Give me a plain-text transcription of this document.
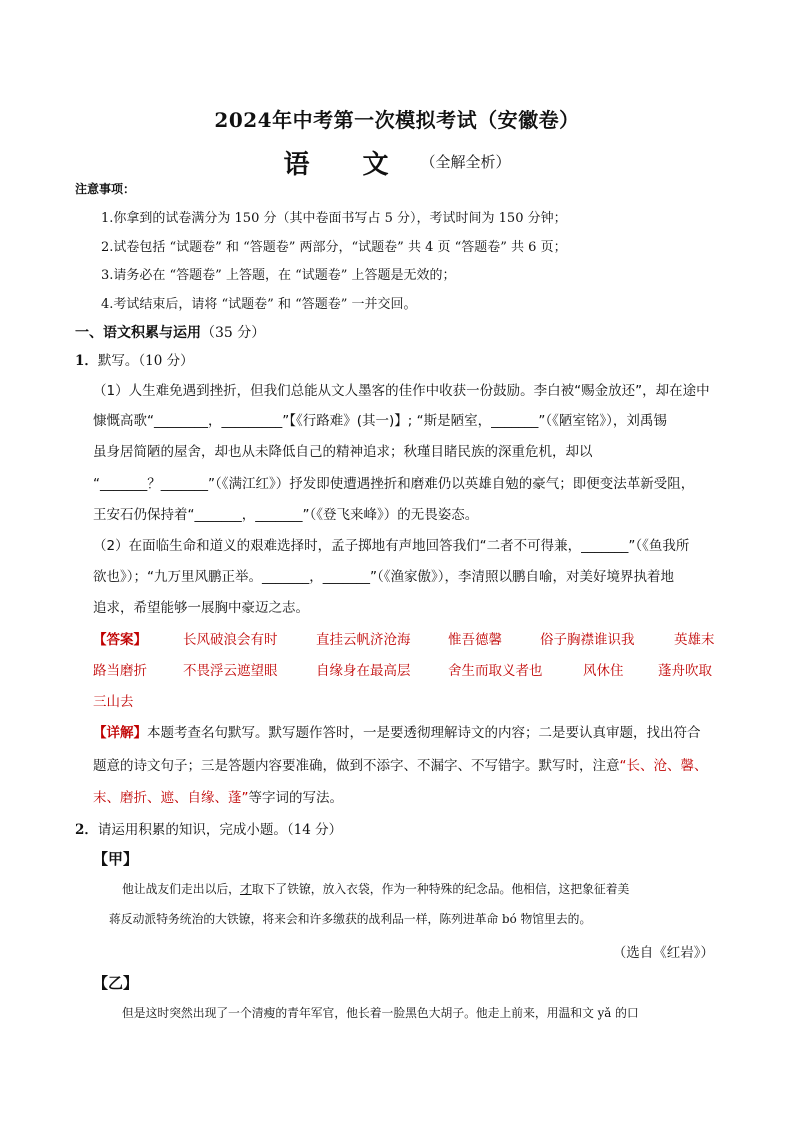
2024年中考第一次模拟考试（安徽卷）
语 文 （全解全析）
注意事项：
1.你拿到的试卷满分为 150 分（其中卷面书写占 5 分），考试时间为 150 分钟；
2.试卷包括 “试题卷” 和 “答题卷” 两部分，“试题卷” 共 4 页 “答题卷” 共 6 页；
3.请务必在 “答题卷” 上答题，在 “试题卷” 上答题是无效的；
4.考试结束后，请将 “试题卷” 和 “答题卷” 一并交回。
一、语文积累与运用（35 分）
1．默写。（10 分）
（1）人生难免遇到挫折，但我们总能从文人墨客的佳作中收获一份鼓励。李白被“赐金放还”，却在途中
慷慨高歌“________，_________”【《行路难》(其一)】; “斯是陋室，_______”（《陋室铭》），刘禹锡
虽身居简陋的屋舍，却也从未降低自己的精神追求；秋瑾目睹民族的深重危机，却以
“_______？_______”（《满江红》）抒发即使遭遇挫折和磨难仍以英雄自勉的豪气；即便变法革新受阻，
王安石仍保持着“_______，_______”（《登飞来峰》）的无畏姿态。
（2）在面临生命和道义的艰难选择时，孟子掷地有声地回答我们“二者不可得兼，_______”（《鱼我所
欲也》）；“九万里风鹏正举。_______，_______”（《渔家傲》），李清照以鹏自喻，对美好境界执着地
追求，希望能够一展胸中豪迈之志。
【答案】	长风破浪会有时	直挂云帆济沧海	惟吾德馨	俗子胸襟谁识我	英雄末
路当磨折	不畏浮云遮望眼	自缘身在最高层	舍生而取义者也	风休住	蓬舟吹取
三山去
【详解】本题考查名句默写。默写题作答时，一是要透彻理解诗文的内容；二是要认真审题，找出符合
题意的诗文句子；三是答题内容要准确，做到不添字、不漏字、不写错字。默写时，注意“长、沧、馨、
末、磨折、遮、自缘、蓬”等字词的写法。
2．请运用积累的知识，完成小题。（14 分）
【甲】
他让战友们走出以后，才取下了铁镣，放入衣袋，作为一种特殊的纪念品。他相信，这把象征着美
蒋反动派特务统治的大铁镣，将来会和许多缴获的战利品一样，陈列进革命 bó 物馆里去的。
（选自《红岩》）
【乙】
但是这时突然出现了一个清瘦的青年军官，他长着一脸黑色大胡子。他走上前来，用温和文 yǎ 的口
